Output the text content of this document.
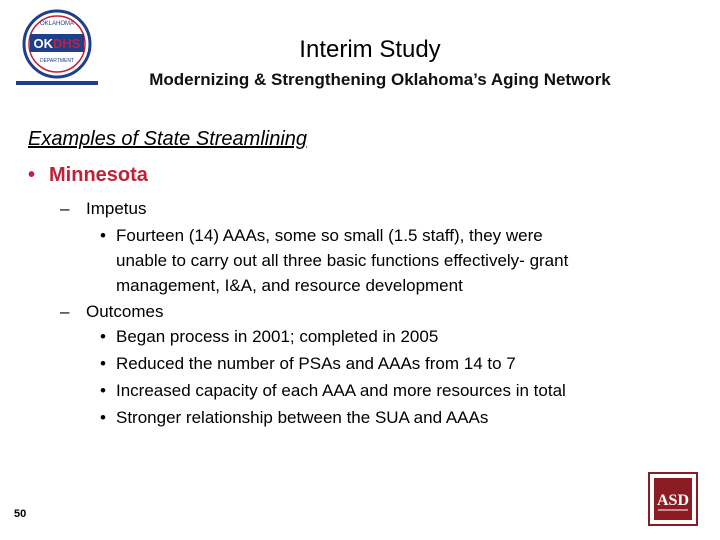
OKLAHOMA
OKDHS
DEPARTMENT	Interim Study
Modernizing & Strengthening Oklahoma’s Aging Network
Examples of State Streamlining
• Minnesota
– Impetus
• Fourteen (14) AAAs, some so small (1.5 staff), they were
unable to carry out all three basic functions effectively- grant
management, I&A, and resource development
– Outcomes
• Began process in 2001; completed in 2005
• Reduced the number of PSAs and AAAs from 14 to 7
• Increased capacity of each AAA and more resources in total
• Stronger relationship between the SUA and AAAs
50
ASD
